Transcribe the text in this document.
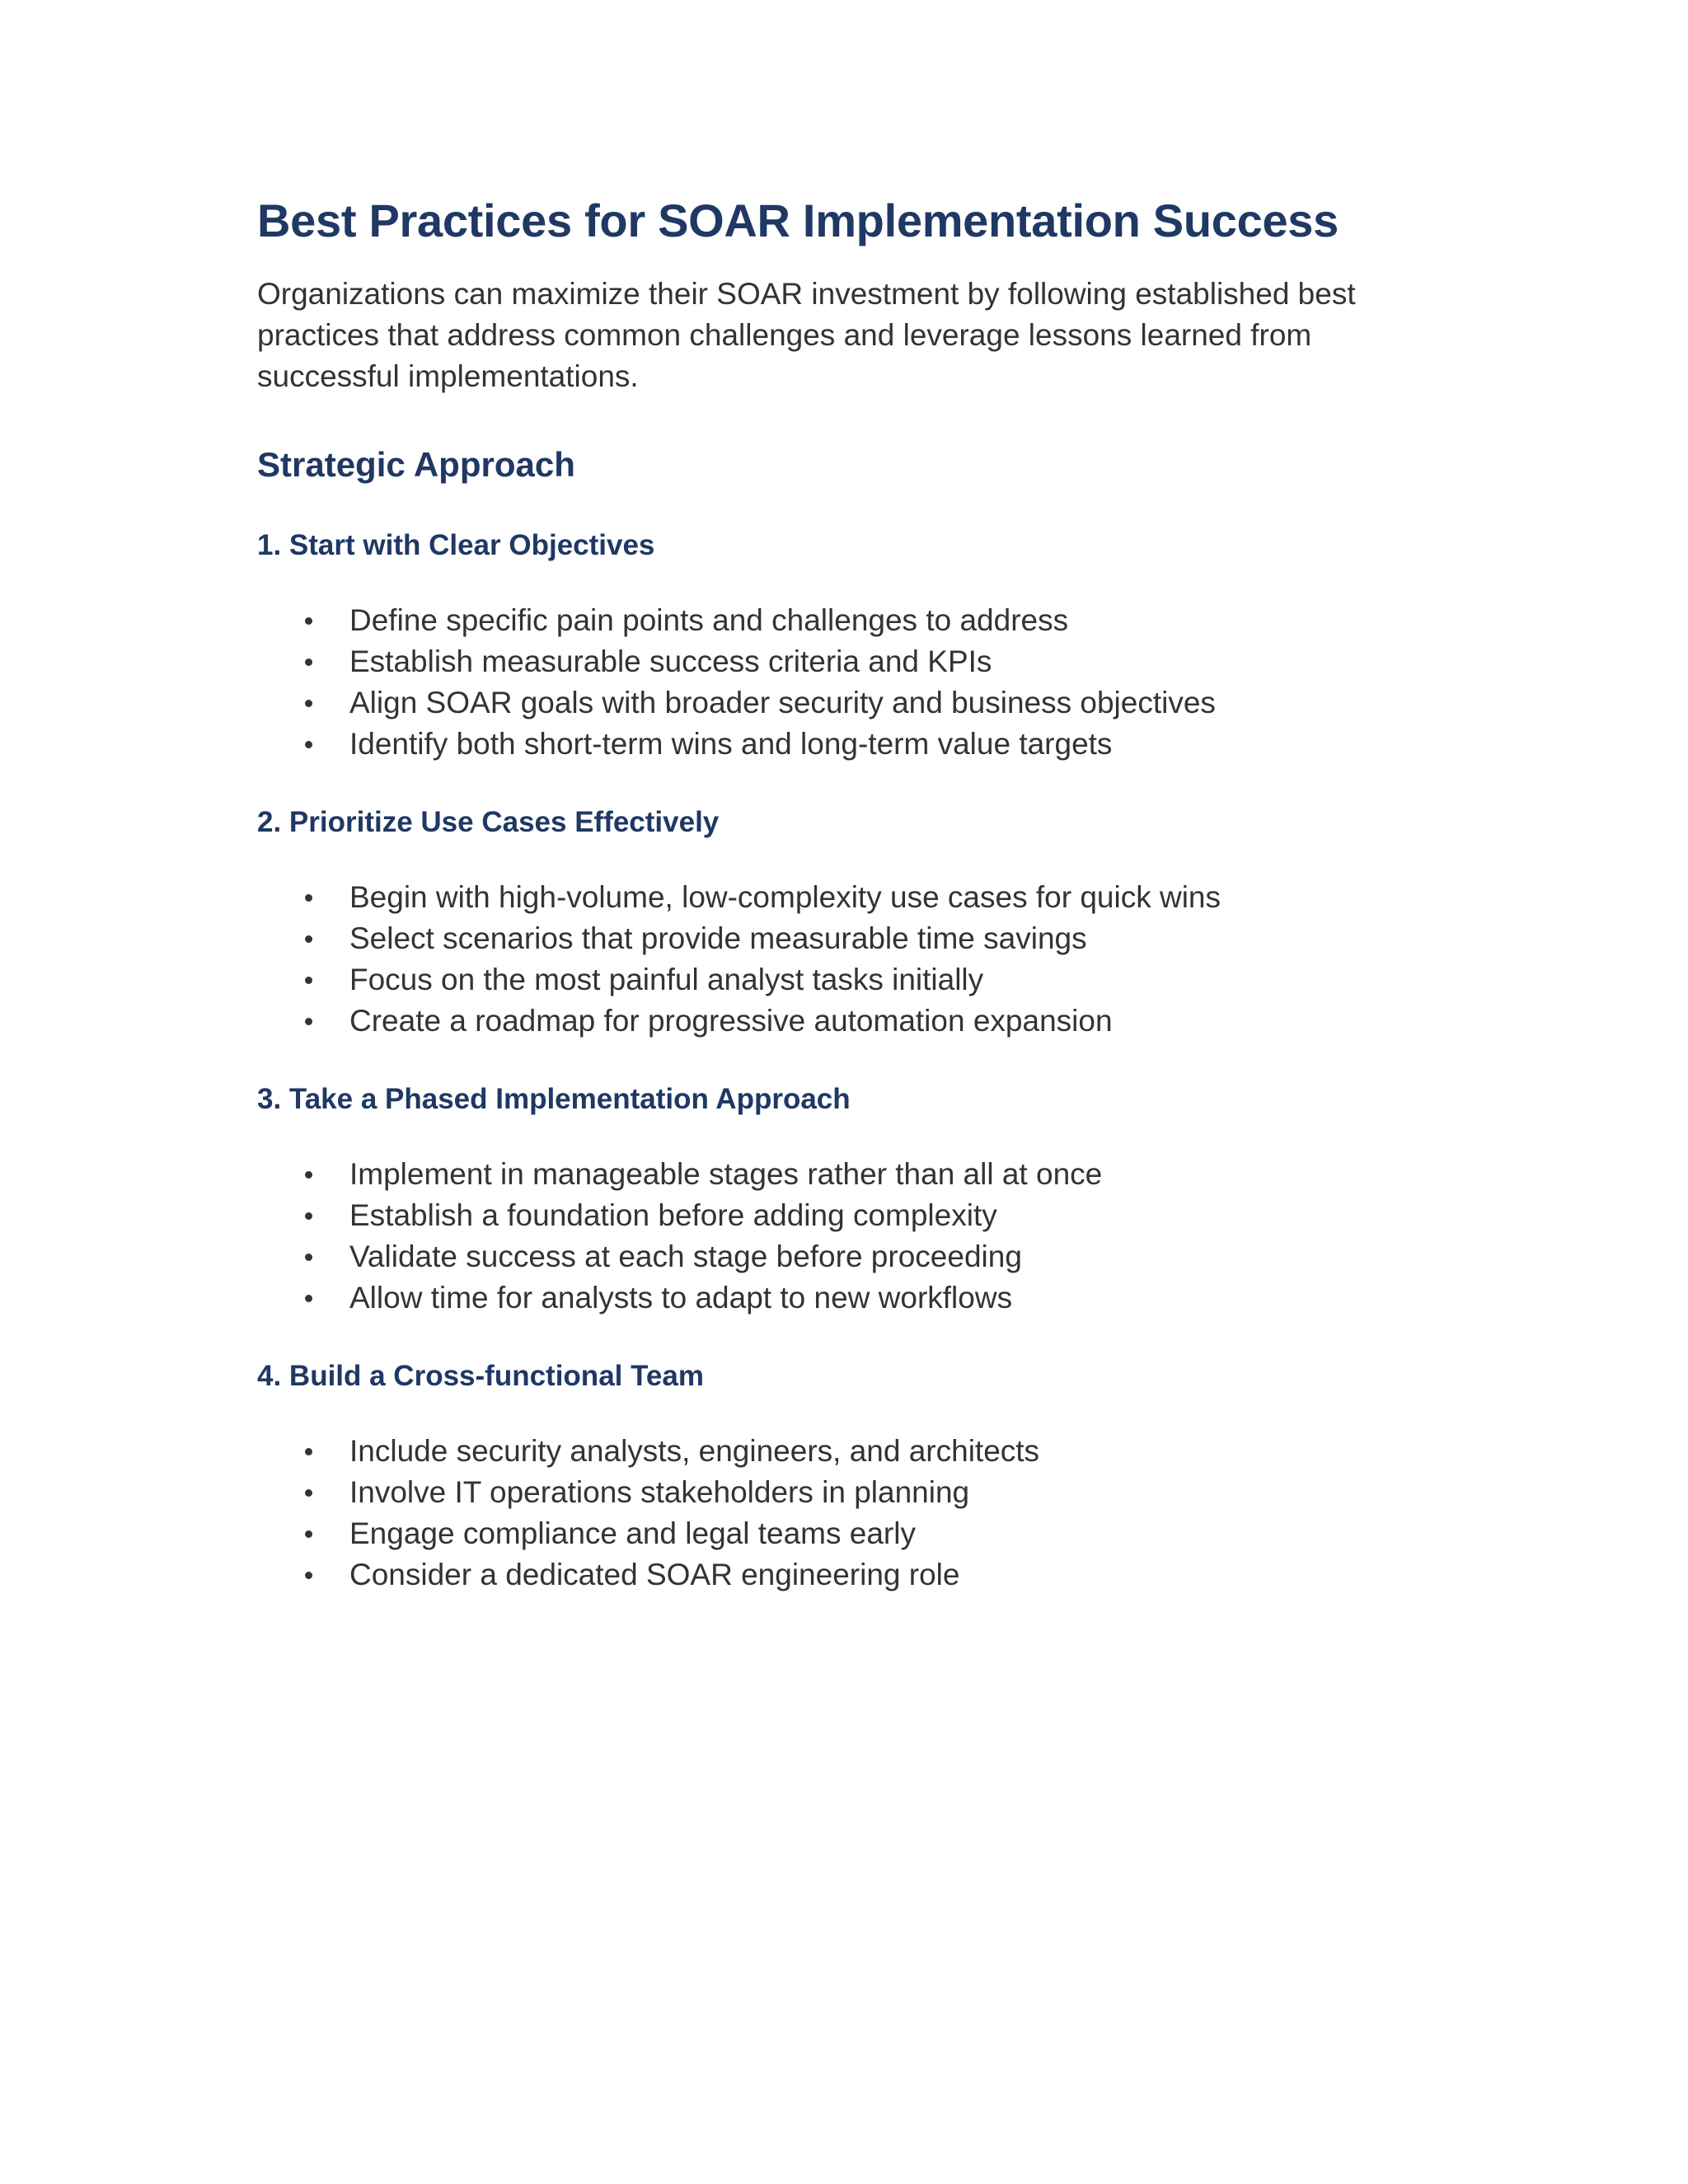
Best Practices for SOAR Implementation Success

Organizations can maximize their SOAR investment by following established best practices that address common challenges and leverage lessons learned from successful implementations.

Strategic Approach
1. Start with Clear Objectives
Define specific pain points and challenges to address
Establish measurable success criteria and KPIs
Align SOAR goals with broader security and business objectives
Identify both short-term wins and long-term value targets
2. Prioritize Use Cases Effectively
Begin with high-volume, low-complexity use cases for quick wins
Select scenarios that provide measurable time savings
Focus on the most painful analyst tasks initially
Create a roadmap for progressive automation expansion
3. Take a Phased Implementation Approach
Implement in manageable stages rather than all at once
Establish a foundation before adding complexity
Validate success at each stage before proceeding
Allow time for analysts to adapt to new workflows
4. Build a Cross-functional Team
Include security analysts, engineers, and architects
Involve IT operations stakeholders in planning
Engage compliance and legal teams early
Consider a dedicated SOAR engineering role
